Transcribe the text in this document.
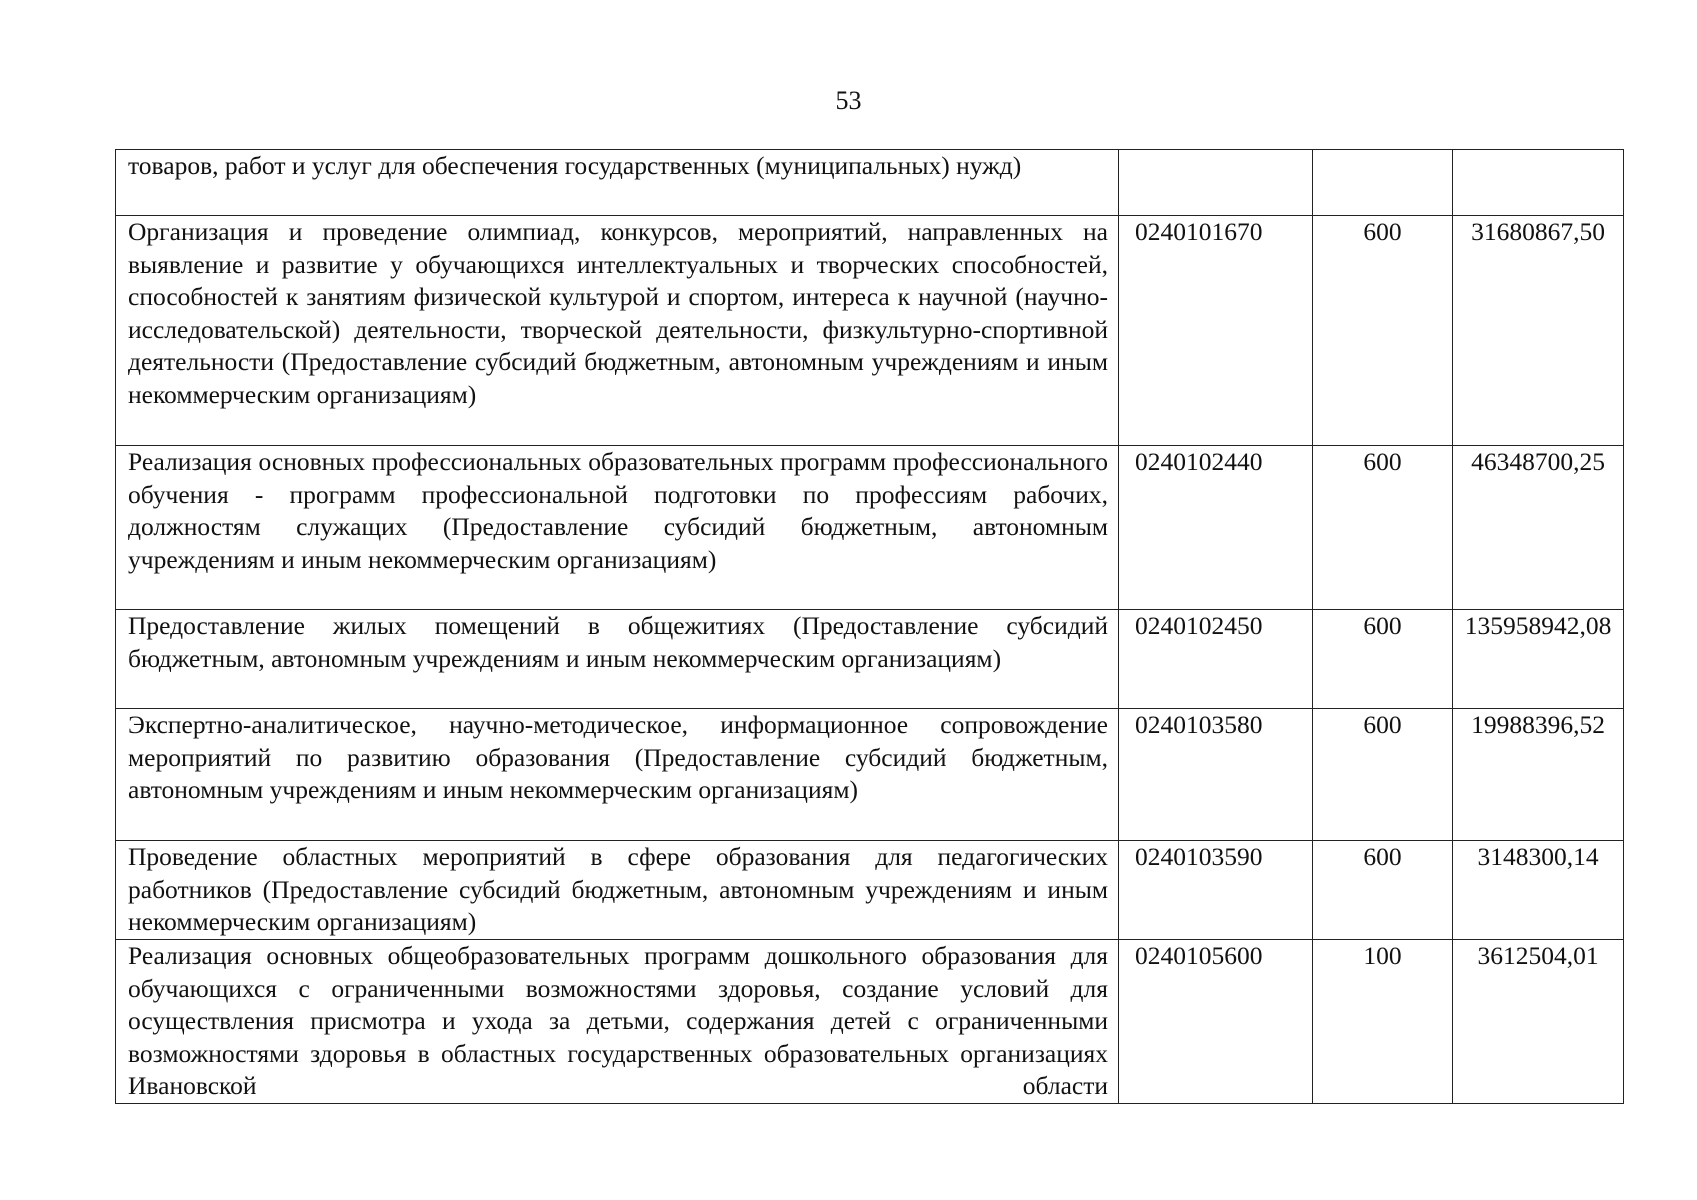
53
товаров, работ и услуг для обеспечения государственных (муниципальных) нужд)			
Организация и проведение олимпиад, конкурсов, мероприятий, направленных на выявление и развитие у обучающихся интеллектуальных и творческих способностей, способностей к занятиям физической культурой и спортом, интереса к научной (научно-исследовательской) деятельности, творческой деятельности, физкультурно-спортивной деятельности (Предоставление субсидий бюджетным, автономным учреждениям и иным некоммерческим организациям)	0240101670	600	31680867,50
Реализация основных профессиональных образовательных программ профессионального обучения - программ профессиональной подготовки по профессиям рабочих, должностям служащих (Предоставление субсидий бюджетным, автономным учреждениям и иным некоммерческим организациям)	0240102440	600	46348700,25
Предоставление жилых помещений в общежитиях (Предоставление субсидий бюджетным, автономным учреждениям и иным некоммерческим организациям)	0240102450	600	135958942,08
Экспертно-аналитическое, научно-методическое, информационное сопровождение мероприятий по развитию образования (Предоставление субсидий бюджетным, автономным учреждениям и иным некоммерческим организациям)	0240103580	600	19988396,52
Проведение областных мероприятий в сфере образования для педагогических работников (Предоставление субсидий бюджетным, автономным учреждениям и иным некоммерческим организациям)	0240103590	600	3148300,14

Реализация основных общеобразовательных программ дошкольного образования для обучающихся с ограниченными возможностями здоровья, создание условий для осуществления присмотра и ухода за детьми, содержания детей с ограниченными возможностями здоровья в областных государственных образовательных организациях Ивановской области	0240105600	100	3612504,01
